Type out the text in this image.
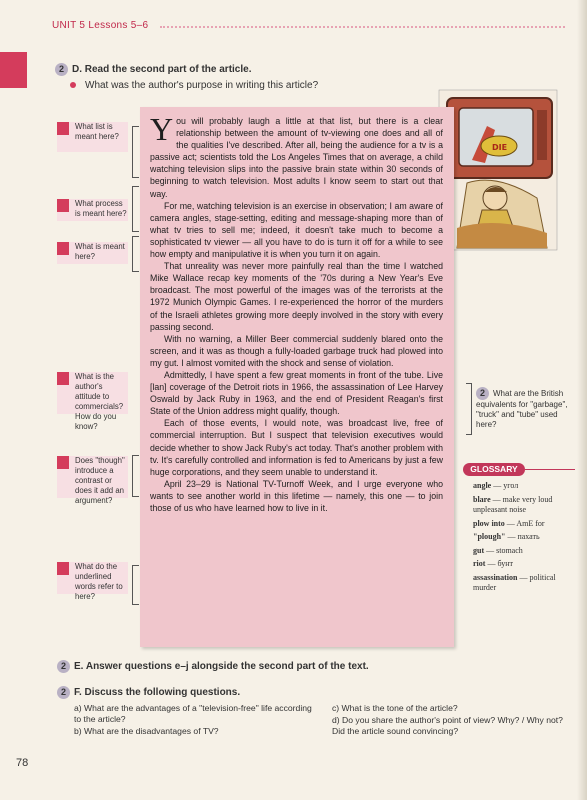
UNIT 5 Lessons 5–6
2 D. Read the second part of the article.
What was the author's purpose in writing this article?
DIE

You will probably laugh a little at that list, but there is a clear relationship between the amount of tv-viewing one does and all of the qualities I've described. After all, being the audience for a tv is a passive act; scientists told the Los Angeles Times that on average, a child watching television slips into the passive brain state within 30 seconds of beginning to watch television. Most adults I know seem to start out that way.

For me, watching television is an exercise in observation; I am aware of camera angles, stage-setting, editing and message-shaping more than of what tv tries to sell me; indeed, it doesn't take much to become a sophisticated tv viewer — all you have to do is turn it off for a while to see how empty and manipulative it is when you turn it on again.

That unreality was never more painfully real than the time I watched Mike Wallace recap key moments of the '70s during a New Year's Eve broadcast. The most powerful of the images was of the terrorists at the 1972 Munich Olympic Games. I re-experienced the horror of the murders of the Israeli athletes growing more deeply involved in the story with every passing second.

With no warning, a Miller Beer commercial suddenly blared onto the screen, and it was as though a fully-loaded garbage truck had plowed into my gut. I almost vomited with the shock and sense of violation.

Admittedly, I have spent a few great moments in front of the tube. Live [lan] coverage of the Detroit riots in 1966, the assassination of Lee Harvey Oswald by Jack Ruby in 1963, and the end of President Reagan's first State of the Union address might qualify, though.

Each of those events, I would note, was broadcast live, free of commercial interruption. But I suspect that television executives would decide whether to show Jack Ruby's act today. That's another problem with tv. It's carefully controlled and information is fed to Americans by just a few huge corporations, and they seem unable to understand it.

April 23–29 is National TV-Turnoff Week, and I urge everyone who wants to see another world in this lifetime — namely, this one — to join those of us who have learned how to live in it.

What list is meant here?
What process is meant here?
What is meant here?
What is the author's attitude to commercials? How do you know?
Does "though" introduce a contrast or does it add an argument?
What do the underlined words refer to here?
2 What are the British equivalents for "garbage", "truck" and "tube" used here?
GLOSSARY
angle — угол
blare — make very loud unpleasant noise
plow into — AmE for
"plough" — пахать
gut — stomach
riot — бунт
assassination — political murder
2 E. Answer questions e–j alongside the second part of the text.
2 F. Discuss the following questions.
a) What are the advantages of a "television-free" life according to the article?
b) What are the disadvantages of TV?
c) What is the tone of the article?
d) Do you share the author's point of view? Why? / Why not? Did the article sound convincing?
78
